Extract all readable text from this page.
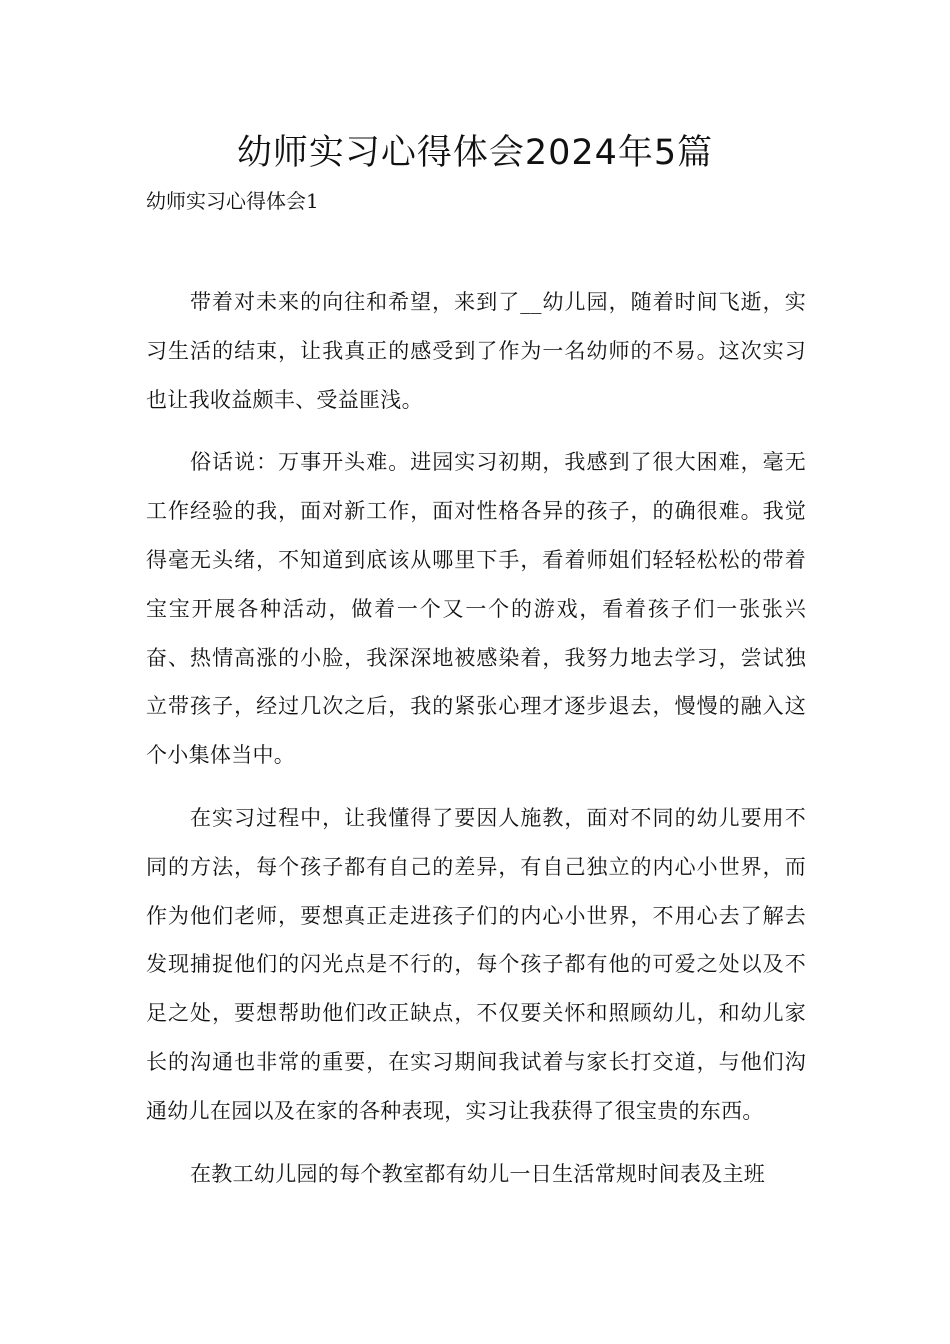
幼师实习心得体会2024年5篇

幼师实习心得体会1

带着对未来的向往和希望，来到了__幼儿园，随着时间飞逝，实习生活的结束，让我真正的感受到了作为一名幼师的不易。这次实习也让我收益颇丰、受益匪浅。

俗话说：万事开头难。进园实习初期，我感到了很大困难，毫无工作经验的我，面对新工作，面对性格各异的孩子，的确很难。我觉得毫无头绪，不知道到底该从哪里下手，看着师姐们轻轻松松的带着宝宝开展各种活动，做着一个又一个的游戏，看着孩子们一张张兴奋、热情高涨的小脸，我深深地被感染着，我努力地去学习，尝试独立带孩子，经过几次之后，我的紧张心理才逐步退去，慢慢的融入这个小集体当中。

在实习过程中，让我懂得了要因人施教，面对不同的幼儿要用不同的方法，每个孩子都有自己的差异，有自己独立的内心小世界，而作为他们老师，要想真正走进孩子们的内心小世界，不用心去了解去发现捕捉他们的闪光点是不行的，每个孩子都有他的可爱之处以及不足之处，要想帮助他们改正缺点，不仅要关怀和照顾幼儿，和幼儿家长的沟通也非常的重要，在实习期间我试着与家长打交道，与他们沟通幼儿在园以及在家的各种表现，实习让我获得了很宝贵的东西。

在教工幼儿园的每个教室都有幼儿一日生活常规时间表及主班
